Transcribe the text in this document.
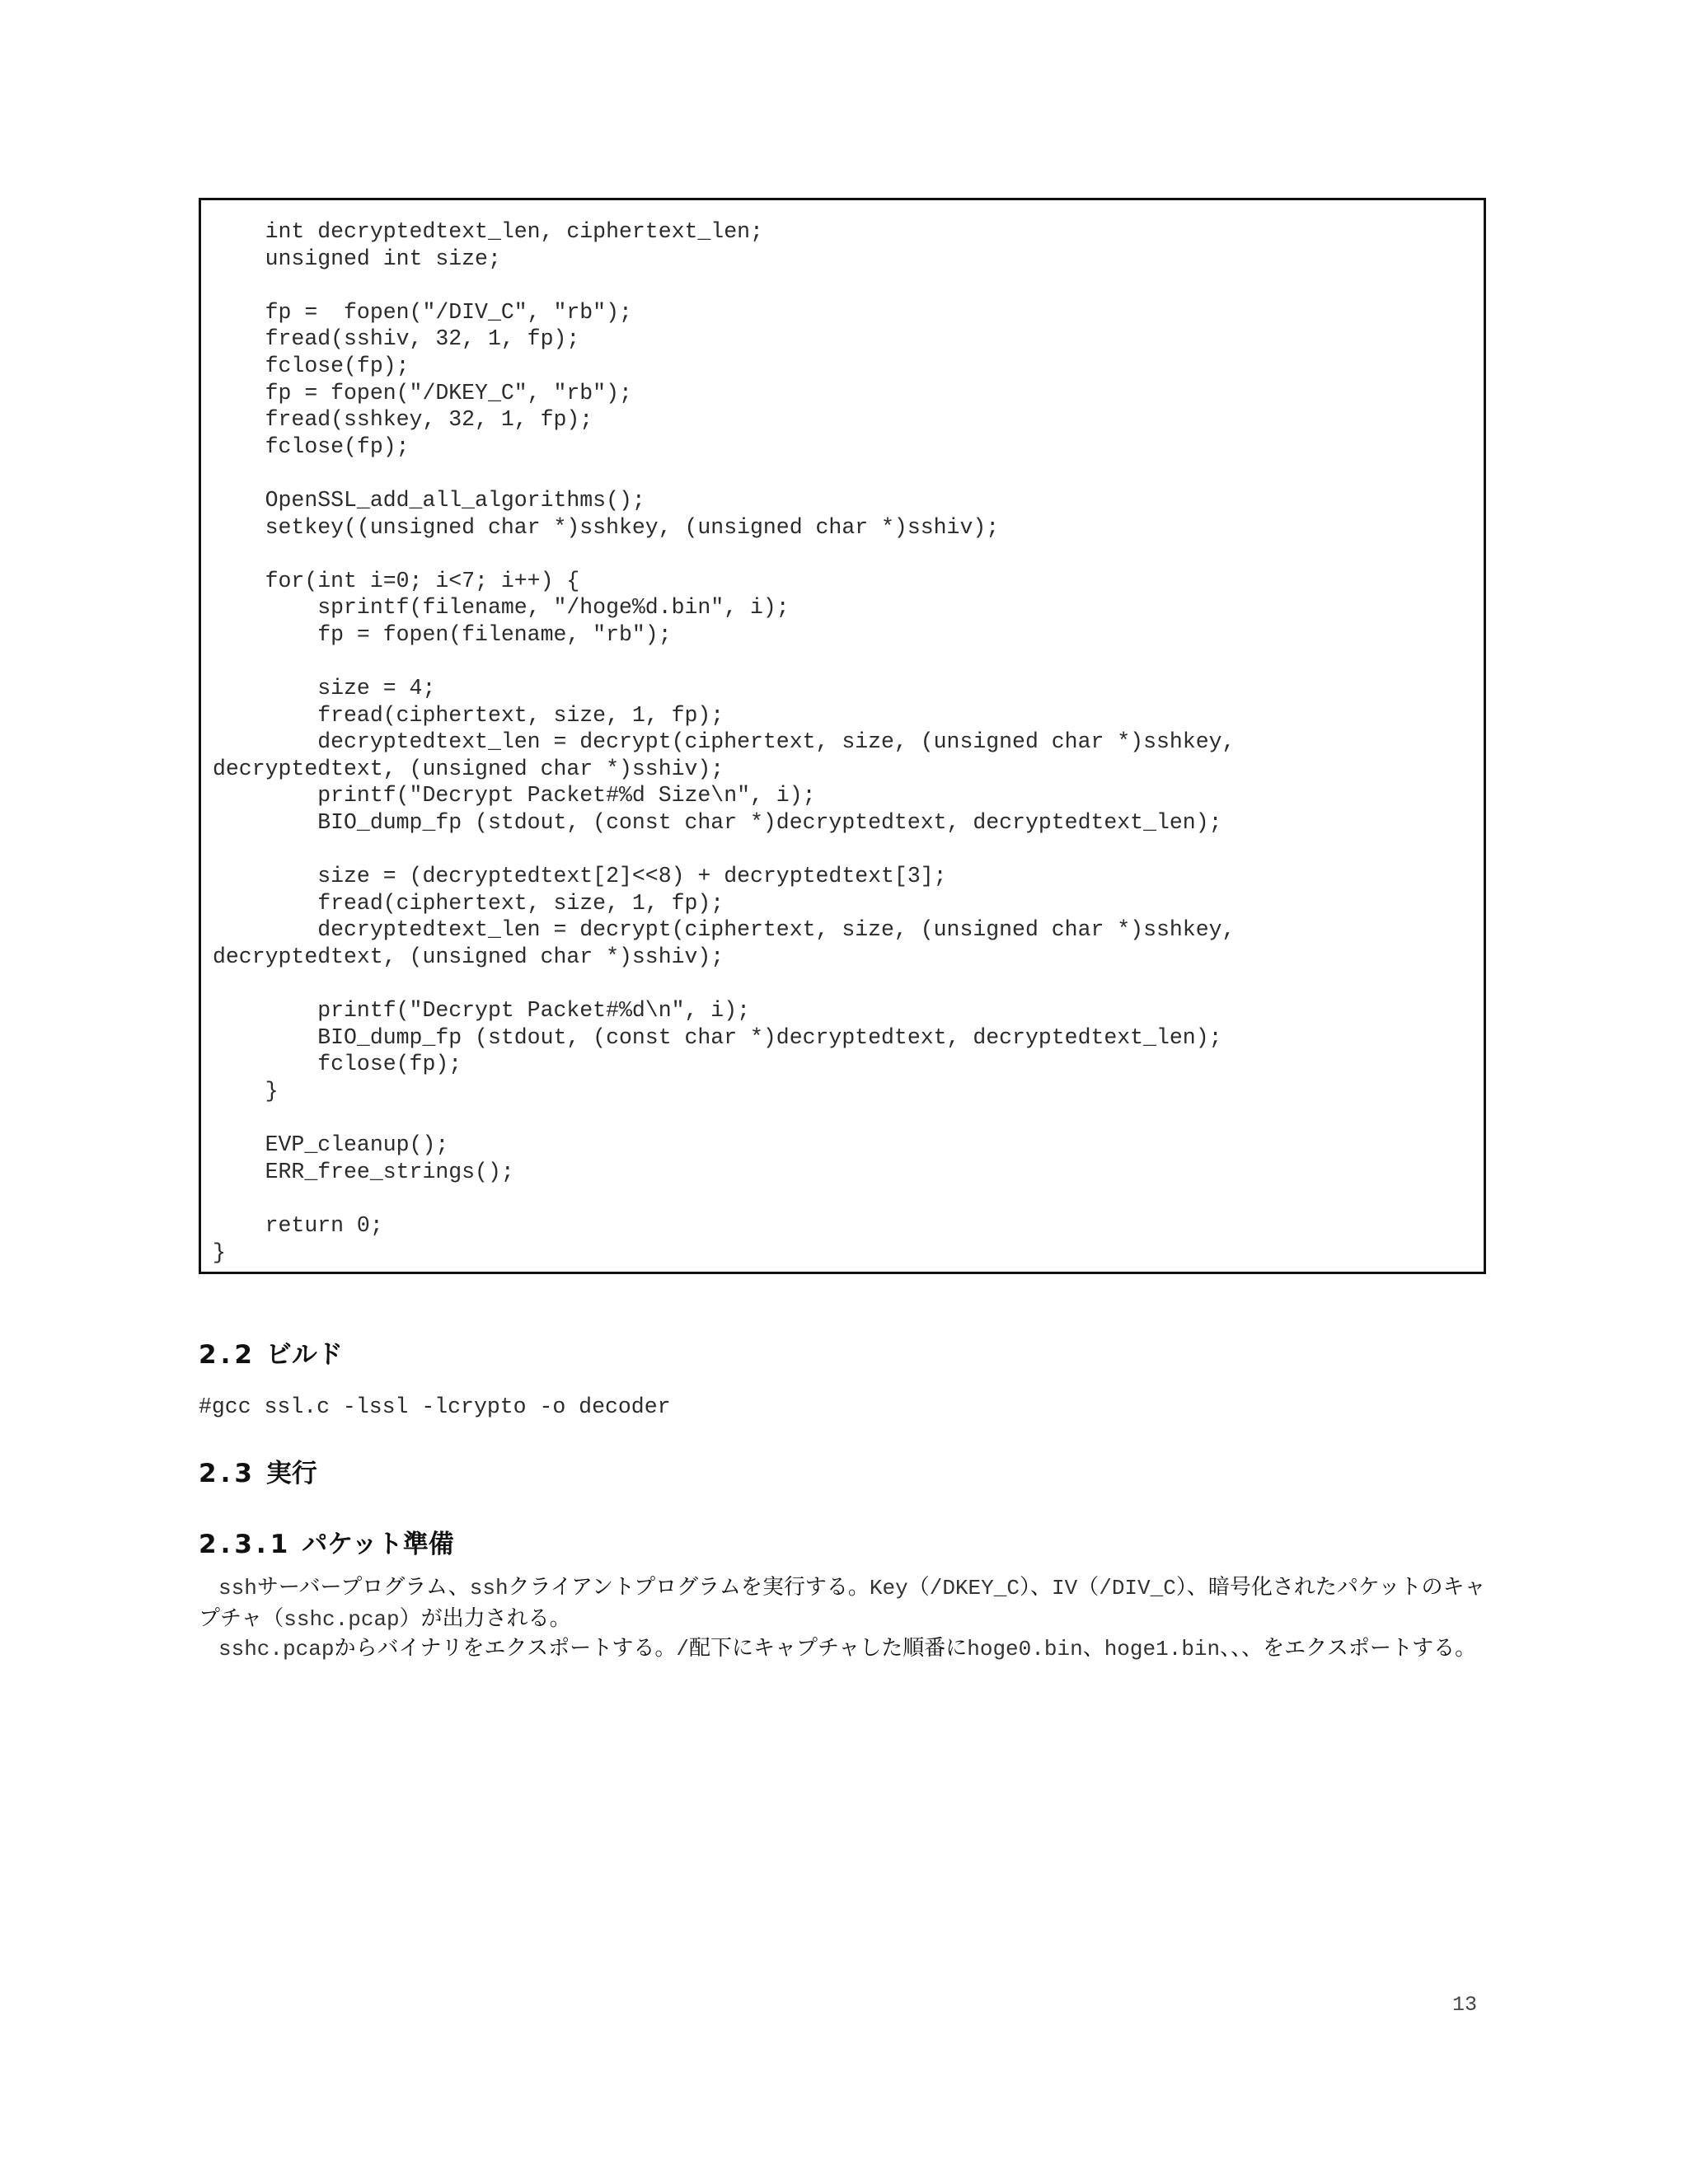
int decryptedtext_len, ciphertext_len;
unsigned int size;
fp =  fopen("/DIV_C", "rb");
fread(sshiv, 32, 1, fp);
fclose(fp);
fp = fopen("/DKEY_C", "rb");
fread(sshkey, 32, 1, fp);
fclose(fp);
OpenSSL_add_all_algorithms();
setkey((unsigned char *)sshkey, (unsigned char *)sshiv);
for(int i=0; i<7; i++) {
sprintf(filename, "/hoge%d.bin", i);
fp = fopen(filename, "rb");
size = 4;
fread(ciphertext, size, 1, fp);
decryptedtext_len = decrypt(ciphertext, size, (unsigned char *)sshkey,
decryptedtext, (unsigned char *)sshiv);
printf("Decrypt Packet#%d Size\n", i);
BIO_dump_fp (stdout, (const char *)decryptedtext, decryptedtext_len);
size = (decryptedtext[2]<<8) + decryptedtext[3];
fread(ciphertext, size, 1, fp);
decryptedtext_len = decrypt(ciphertext, size, (unsigned char *)sshkey,
decryptedtext, (unsigned char *)sshiv);
printf("Decrypt Packet#%d\n", i);
BIO_dump_fp (stdout, (const char *)decryptedtext, decryptedtext_len);
fclose(fp);
}
EVP_cleanup();
ERR_free_strings();
return 0;
}
2.2 ビルド
#gcc ssl.c -lssl -lcrypto -o decoder
2.3 実行
2.3.1 パケット準備

sshサーバープログラム、sshクライアントプログラムを実行する。Key（/DKEY_C）、IV（/DIV_C）、暗号化されたパケットのキャプチャ（sshc.pcap）が出力される。

sshc.pcapからバイナリをエクスポートする。/配下にキャプチャした順番にhoge0.bin、hoge1.bin、、、をエクスポートする。

13
